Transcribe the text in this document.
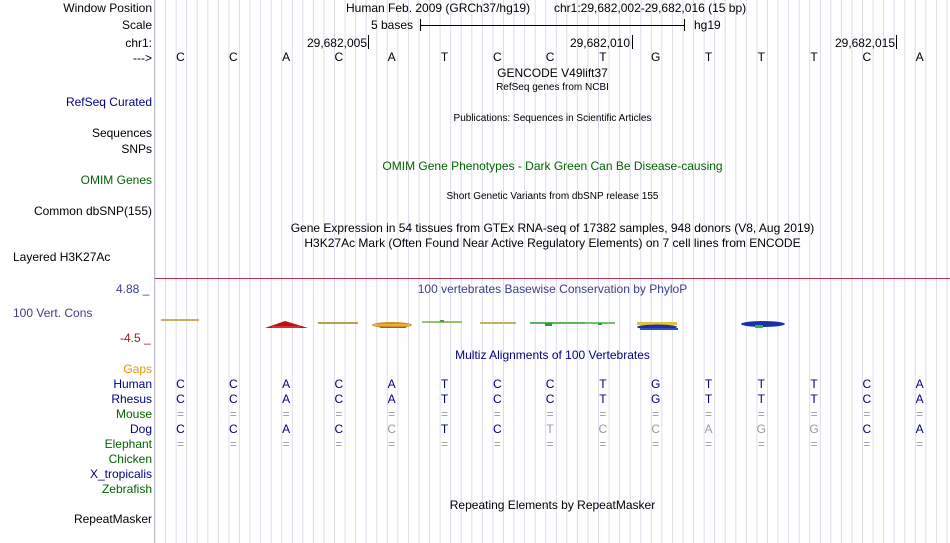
Window Position	Human Feb. 2009 (GRCh37/hg19) chr1:29,682,002-29,682,016 (15 bp)
Scale	5 bases	hg19
chr1:	29,682,005	29,682,010	29,682,015
--->	C	C	A	C	A	T	C	C	T	G	T	T	T	C	A
GENCODE V49lift37
RefSeq genes from NCBI
RefSeq Curated
Publications: Sequences in Scientific Articles
Sequences
SNPs
OMIM Gene Phenotypes - Dark Green Can Be Disease-causing
OMIM Genes
Short Genetic Variants from dbSNP release 155
Common dbSNP(155)
Gene Expression in 54 tissues from GTEx RNA-seq of 17382 samples, 948 donors (V8, Aug 2019)
H3K27Ac Mark (Often Found Near Active Regulatory Elements) on 7 cell lines from ENCODE
Layered H3K27Ac
4.88 _	100 vertebrates Basewise Conservation by PhyloP
100 Vert. Cons
-4.5 _
Multiz Alignments of 100 Vertebrates
Gaps
Human	C	C	A	C	A	T	C	C	T	G	T	T	T	C	A
Rhesus	C	C	A	C	A	T	C	C	T	G	T	T	T	C	A
Mouse	=	=	=	=	=	=	=	=	=	=	=	=	=	=	=
Dog	C	C	A	C	C	T	C	T	C	C	A	G	G	C	A
Elephant	=	=	=	=	=	=	=	=	=	=	=	=	=	=	=
Chicken
X_tropicalis
Zebrafish
Repeating Elements by RepeatMasker
RepeatMasker
